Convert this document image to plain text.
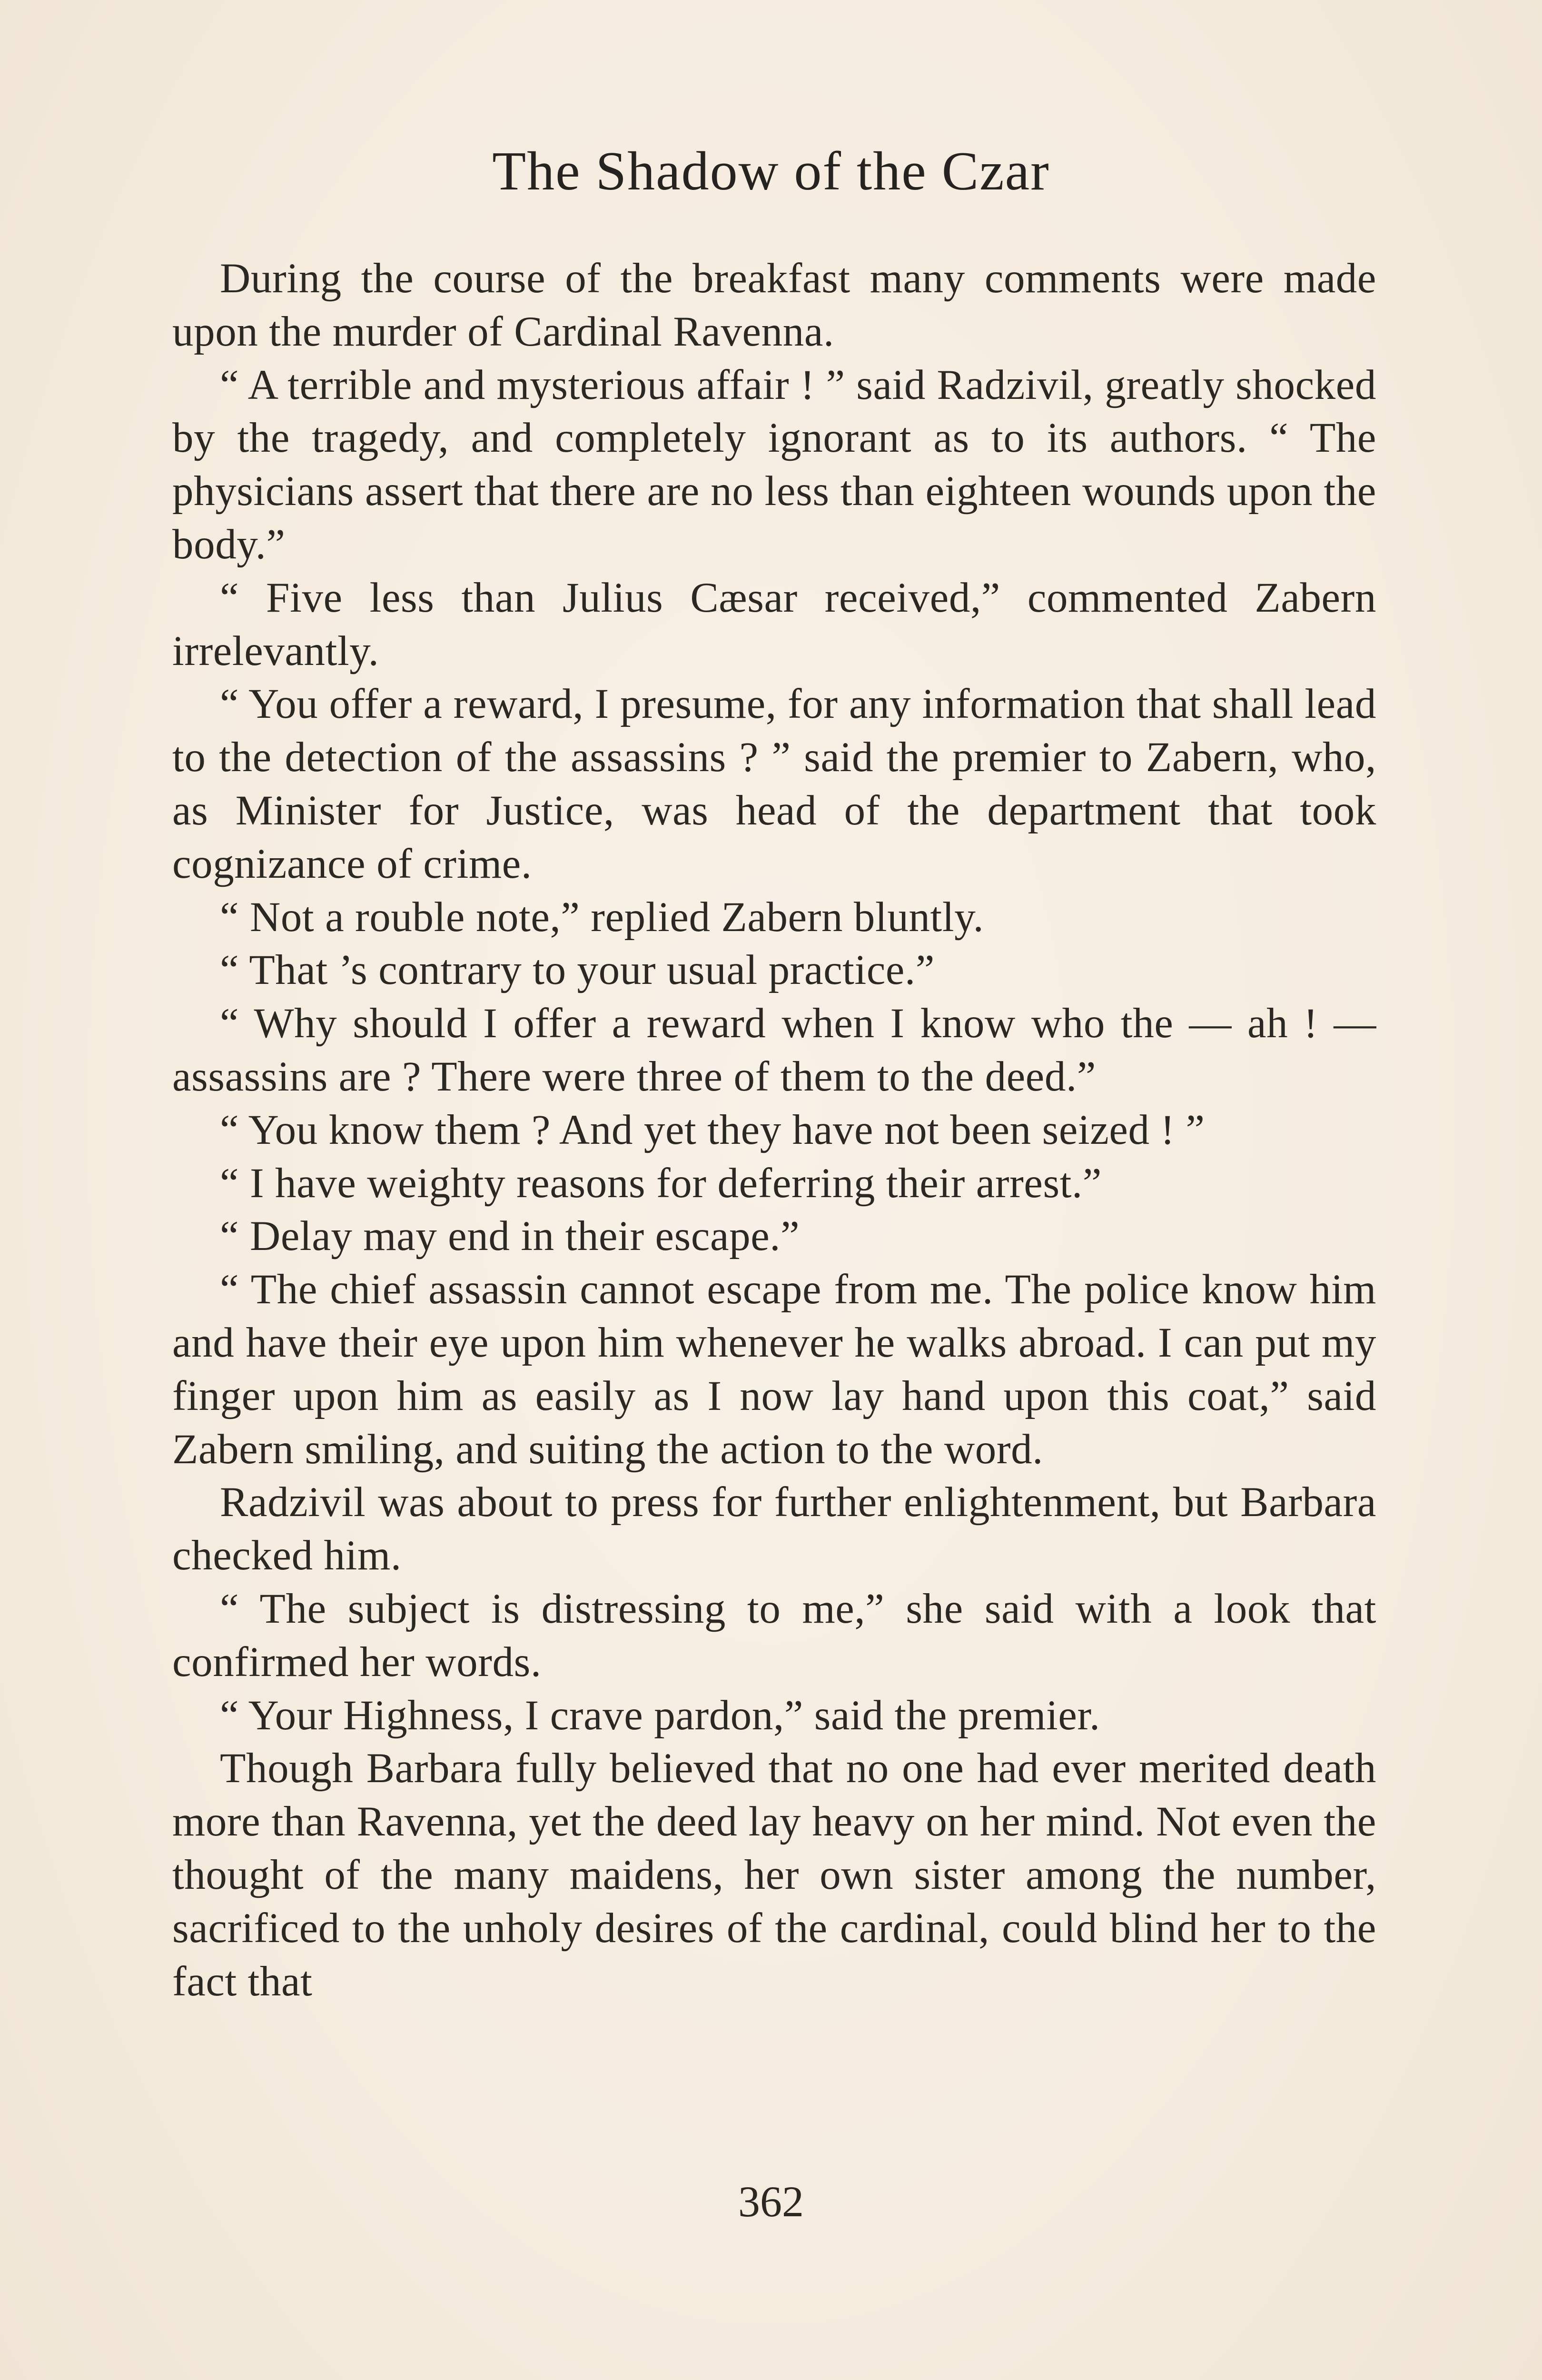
The Shadow of the Czar

During the course of the breakfast many comments were made upon the murder of Cardinal Ravenna.

“ A terrible and mysterious affair ! ” said Radzivil, greatly shocked by the tragedy, and completely ignorant as to its authors. “ The physicians assert that there are no less than eighteen wounds upon the body.”

“ Five less than Julius Cæsar received,” commented Zabern irrelevantly.

“ You offer a reward, I presume, for any information that shall lead to the detection of the assassins ? ” said the premier to Zabern, who, as Minister for Justice, was head of the department that took cognizance of crime.

“ Not a rouble note,” replied Zabern bluntly.

“ That ’s contrary to your usual practice.”

“ Why should I offer a reward when I know who the — ah ! — assassins are ? There were three of them to the deed.”

“ You know them ? And yet they have not been seized ! ”

“ I have weighty reasons for deferring their arrest.”

“ Delay may end in their escape.”

“ The chief assassin cannot escape from me. The police know him and have their eye upon him whenever he walks abroad. I can put my finger upon him as easily as I now lay hand upon this coat,” said Zabern smiling, and suiting the action to the word.

Radzivil was about to press for further enlightenment, but Barbara checked him.

“ The subject is distressing to me,” she said with a look that confirmed her words.

“ Your Highness, I crave pardon,” said the premier.

Though Barbara fully believed that no one had ever merited death more than Ravenna, yet the deed lay heavy on her mind. Not even the thought of the many maidens, her own sister among the number, sacrificed to the unholy desires of the cardinal, could blind her to the fact that

362
